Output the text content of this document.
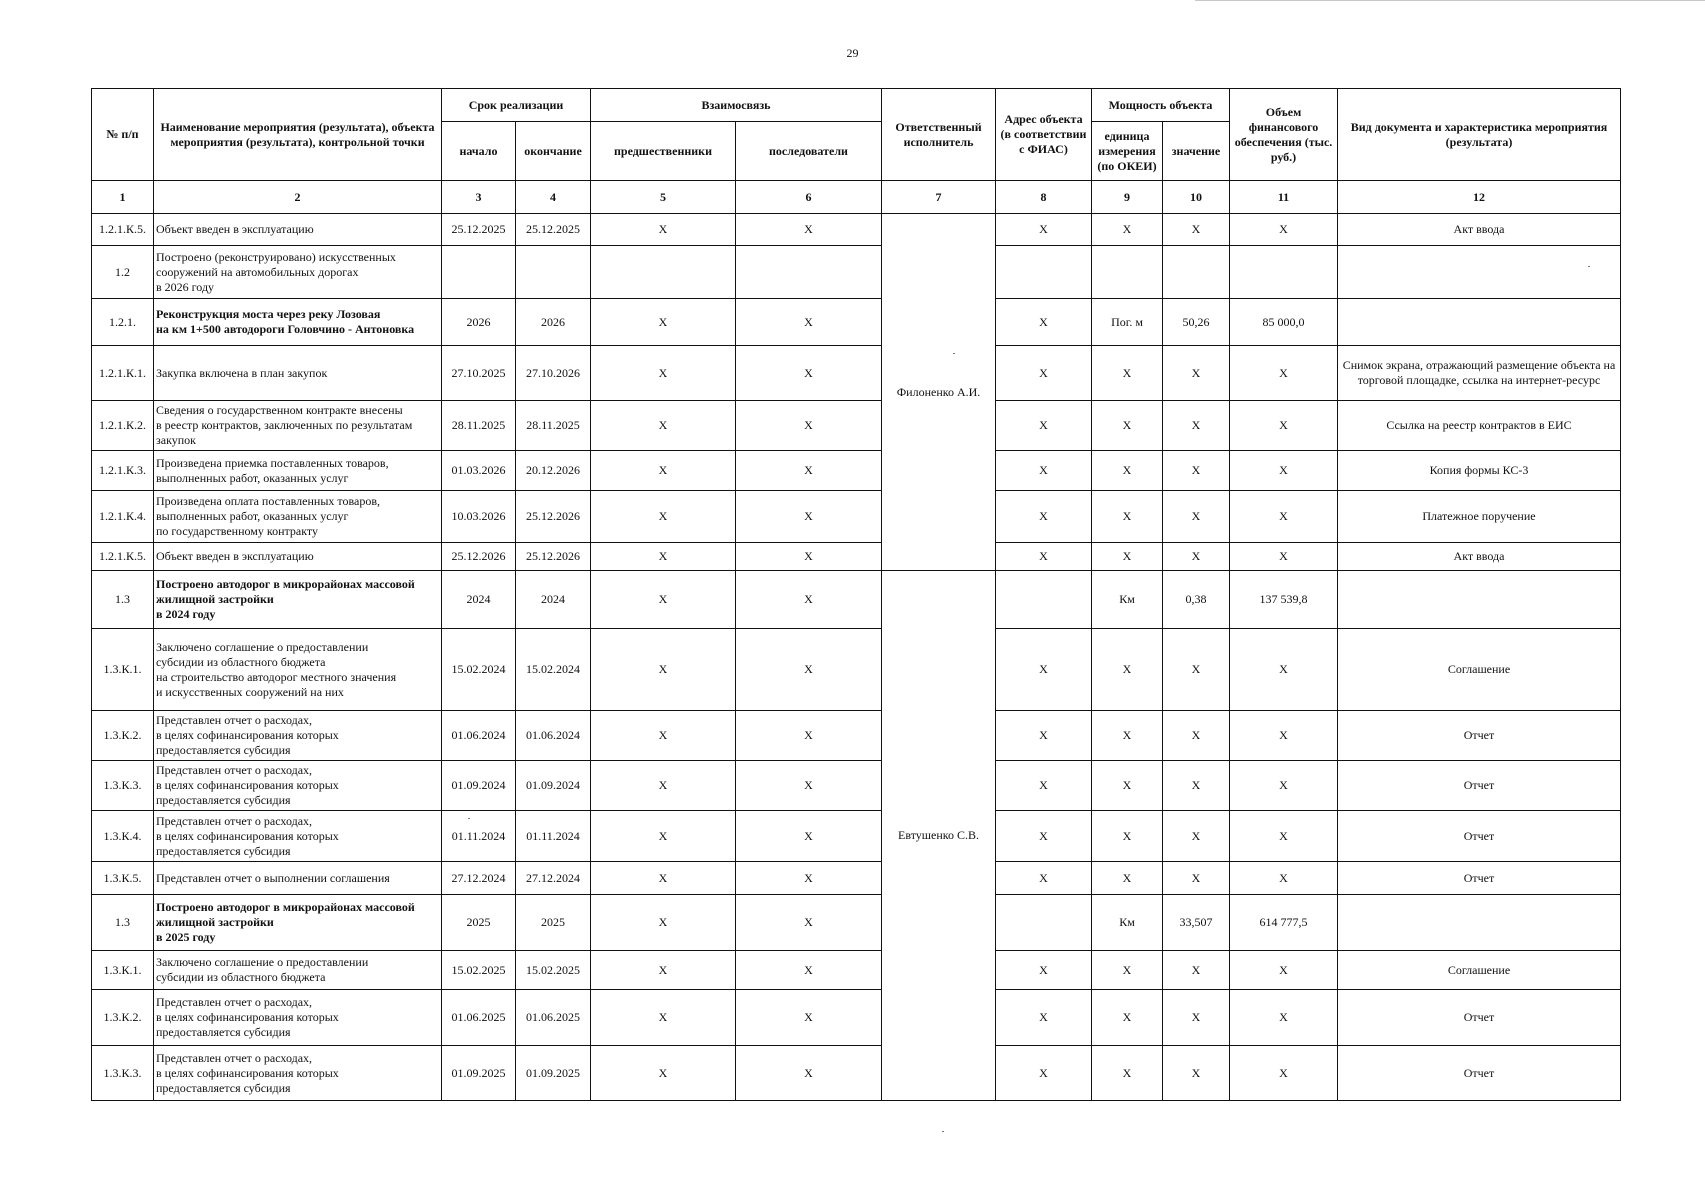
29
№ п/п	Наименование мероприятия (результата), объекта мероприятия (результата), контрольной точки	Срок реализации		Взаимосвязь		Ответственный исполнитель	Адрес объекта (в соответствии с ФИАС)	Мощность объекта		Объем финансового обеспечения (тыс. руб.)	Вид документа и характеристика мероприятия (результата)
		начало	окончание	предшественники	последователи			единица измерения (по ОКЕИ)	значение		
1	2	3	4	5	6	7	8	9	10	11	12
1.2.1.К.5.	Объект введен в эксплуатацию	25.12.2025	25.12.2025	Х	Х	Филоненко А.И.	Х	Х	Х	Х	Акт ввода
1.2	Построено (реконструировано) искусственных
сооружений на автомобильных дорогах
в 2026 году										
1.2.1.	Реконструкция моста через реку Лозовая
на км 1+500 автодороги Головчино - Антоновка	2026	2026	Х	Х		Х	Пог. м	50,26	85 000,0	
1.2.1.К.1.	Закупка включена в план закупок	27.10.2025	27.10.2026	Х	Х		Х	Х	Х	Х	Снимок экрана, отражающий размещение объекта на торговой площадке, ссылка на интернет-ресурс
1.2.1.К.2.	Сведения о государственном контракте внесены
в реестр контрактов, заключенных по результатам
закупок	28.11.2025	28.11.2025	Х	Х		Х	Х	Х	Х	Ссылка на реестр контрактов в ЕИС
1.2.1.К.3.	Произведена приемка поставленных товаров,
выполненных работ, оказанных услуг	01.03.2026	20.12.2026	Х	Х		Х	Х	Х	Х	Копия формы КС-3
1.2.1.К.4.	Произведена оплата поставленных товаров,
выполненных работ, оказанных услуг
по государственному контракту	10.03.2026	25.12.2026	Х	Х		Х	Х	Х	Х	Платежное поручение
1.2.1.К.5.	Объект введен в эксплуатацию	25.12.2026	25.12.2026	Х	Х		Х	Х	Х	Х	Акт ввода
1.3	Построено автодорог в микрорайонах массовой
жилищной застройки
в 2024 году	2024	2024	Х	Х	Евтушенко С.В.		Км	0,38	137 539,8	
1.3.К.1.	Заключено соглашение о предоставлении
субсидии из областного бюджета
на строительство автодорог местного значения
и искусственных сооружений на них	15.02.2024	15.02.2024	Х	Х		Х	Х	Х	Х	Соглашение
1.3.К.2.	Представлен отчет о расходах,
в целях софинансирования которых
предоставляется субсидия	01.06.2024	01.06.2024	Х	Х		Х	Х	Х	Х	Отчет
1.3.К.3.	Представлен отчет о расходах,
в целях софинансирования которых
предоставляется субсидия	01.09.2024	01.09.2024	Х	Х		Х	Х	Х	Х	Отчет
1.3.К.4.	Представлен отчет о расходах,
в целях софинансирования которых
предоставляется субсидия	01.11.2024	01.11.2024	Х	Х		Х	Х	Х	Х	Отчет
1.3.К.5.	Представлен отчет о выполнении соглашения	27.12.2024	27.12.2024	Х	Х		Х	Х	Х	Х	Отчет
1.3	Построено автодорог в микрорайонах массовой
жилищной застройки
в 2025 году	2025	2025	Х	Х			Км	33,507	614 777,5	
1.3.К.1.	Заключено соглашение о предоставлении
субсидии из областного бюджета	15.02.2025	15.02.2025	Х	Х		Х	Х	Х	Х	Соглашение
1.3.К.2.	Представлен отчет о расходах,
в целях софинансирования которых
предоставляется субсидия	01.06.2025	01.06.2025	Х	Х		Х	Х	Х	Х	Отчет
1.3.К.3.	Представлен отчет о расходах,
в целях софинансирования которых
предоставляется субсидия	01.09.2025	01.09.2025	Х	Х		Х	Х	Х	Х	Отчет
